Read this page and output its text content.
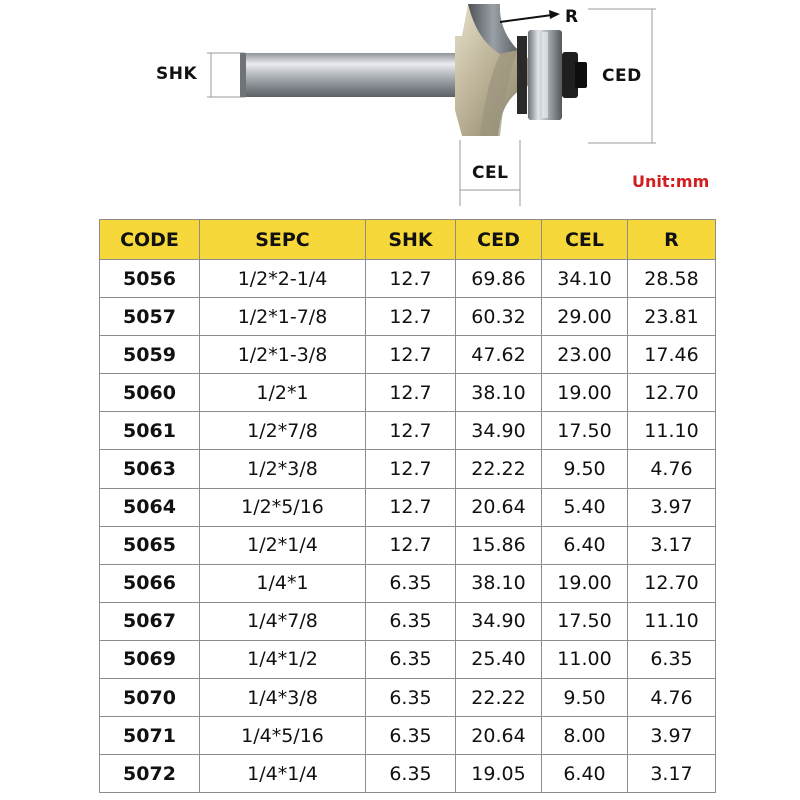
SHK	CED
CEL
R
Unit:mm
CODE	SEPC	SHK	CED	CEL	R
5056	1/2*2-1/4	12.7	69.86	34.10	28.58
5057	1/2*1-7/8	12.7	60.32	29.00	23.81
5059	1/2*1-3/8	12.7	47.62	23.00	17.46
5060	1/2*1	12.7	38.10	19.00	12.70
5061	1/2*7/8	12.7	34.90	17.50	11.10
5063	1/2*3/8	12.7	22.22	9.50	4.76
5064	1/2*5/16	12.7	20.64	5.40	3.97
5065	1/2*1/4	12.7	15.86	6.40	3.17
5066	1/4*1	6.35	38.10	19.00	12.70
5067	1/4*7/8	6.35	34.90	17.50	11.10
5069	1/4*1/2	6.35	25.40	11.00	6.35
5070	1/4*3/8	6.35	22.22	9.50	4.76
5071	1/4*5/16	6.35	20.64	8.00	3.97
5072	1/4*1/4	6.35	19.05	6.40	3.17
